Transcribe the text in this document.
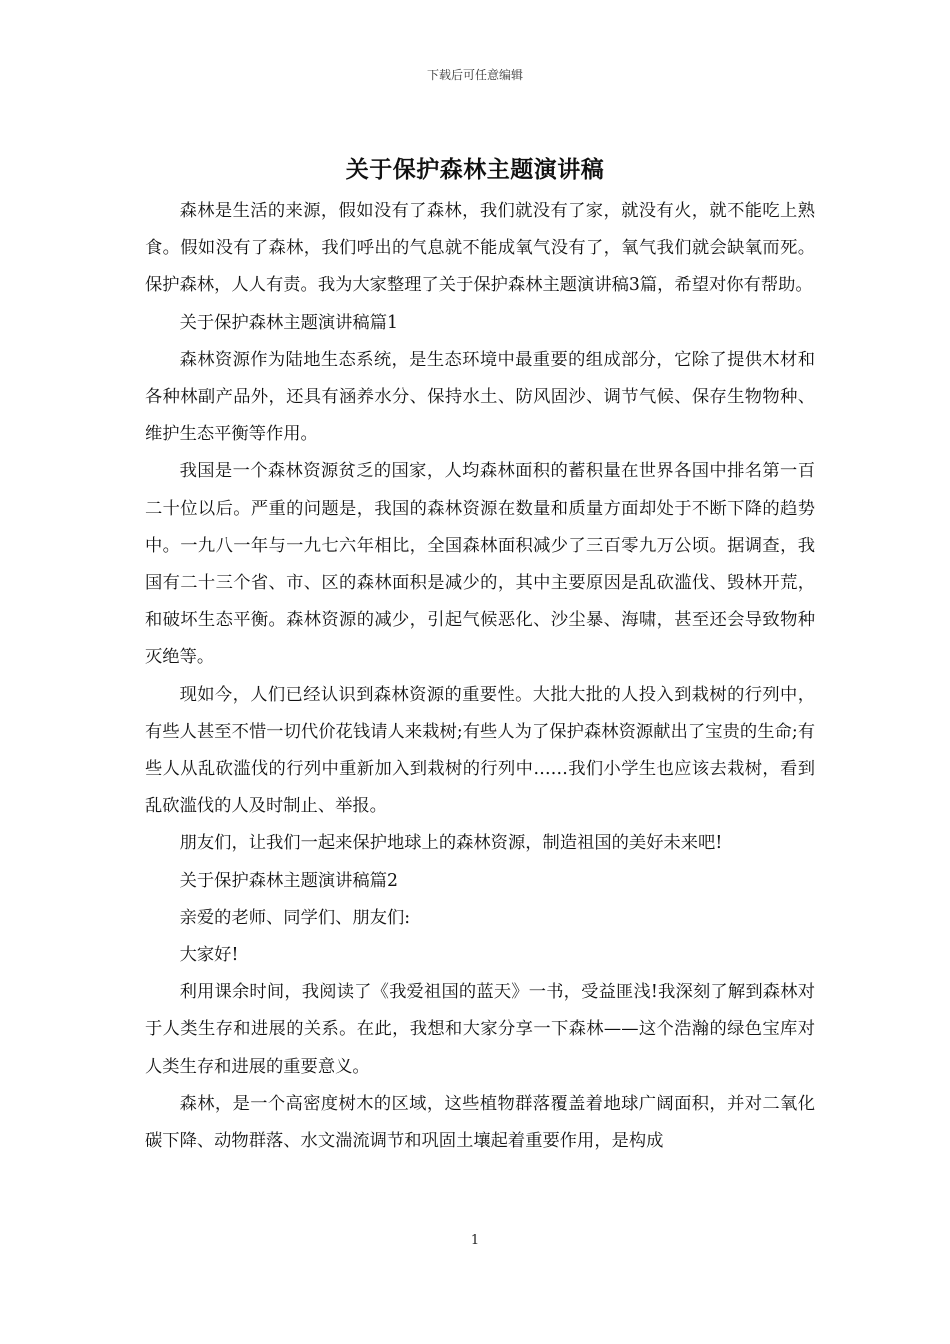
下载后可任意编辑
关于保护森林主题演讲稿

森林是生活的来源，假如没有了森林，我们就没有了家，就没有火，就不能吃上熟食。假如没有了森林，我们呼出的气息就不能成氧气没有了，氧气我们就会缺氧而死。保护森林，人人有责。我为大家整理了关于保护森林主题演讲稿3篇，希望对你有帮助。

关于保护森林主题演讲稿篇1

森林资源作为陆地生态系统，是生态环境中最重要的组成部分，它除了提供木材和各种林副产品外，还具有涵养水分、保持水土、防风固沙、调节气候、保存生物物种、维护生态平衡等作用。

我国是一个森林资源贫乏的国家，人均森林面积的蓄积量在世界各国中排名第一百二十位以后。严重的问题是，我国的森林资源在数量和质量方面却处于不断下降的趋势中。一九八一年与一九七六年相比，全国森林面积减少了三百零九万公顷。据调查，我国有二十三个省、市、区的森林面积是减少的，其中主要原因是乱砍滥伐、毁林开荒，和破坏生态平衡。森林资源的减少，引起气候恶化、沙尘暴、海啸，甚至还会导致物种灭绝等。

现如今，人们已经认识到森林资源的重要性。大批大批的人投入到栽树的行列中，有些人甚至不惜一切代价花钱请人来栽树;有些人为了保护森林资源献出了宝贵的生命;有些人从乱砍滥伐的行列中重新加入到栽树的行列中……我们小学生也应该去栽树，看到乱砍滥伐的人及时制止、举报。

朋友们，让我们一起来保护地球上的森林资源，制造祖国的美好未来吧!

关于保护森林主题演讲稿篇2

亲爱的老师、同学们、朋友们:

大家好!

利用课余时间，我阅读了《我爱祖国的蓝天》一书，受益匪浅!我深刻了解到森林对于人类生存和进展的关系。在此，我想和大家分享一下森林——这个浩瀚的绿色宝库对人类生存和进展的重要意义。

森林，是一个高密度树木的区域，这些植物群落覆盖着地球广阔面积，并对二氧化碳下降、动物群落、水文湍流调节和巩固土壤起着重要作用，是构成

1
